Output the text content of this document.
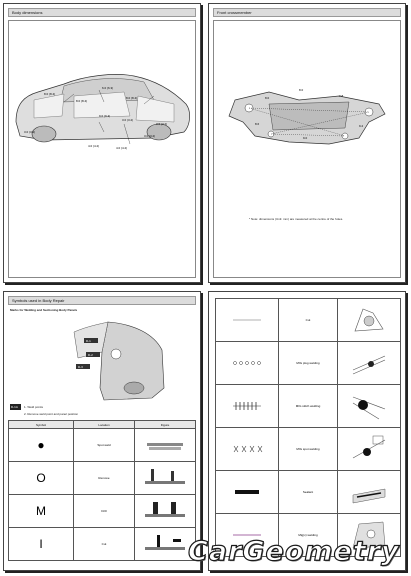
Body dimensions
8.0 (8.4)
8.0 (8.4)
6.0 (6.3)
8.0 (8.4)
9.0 (9.4)
3.0 (3.2)
3.0 (3.2)
3.0 (3.2)
4.0 (4.2)
3.0 (3.2)
4.0 (4.2)
Front crossmember
8.0
8.0	7.8
8.6	9.2
9.0
* Note: dimensions (Unit: mm) are measured at the centre of the holes.
Symbols used in Body Repair
Marks for Welding and Sectioning Body Panels
D-1
D-2
D-3
D-1A 1. Weld points
2. Remove weld point and panel position
Symbol	Location	Figure
●	Spot weld	
O	Remove	
M	Drill	
I	Cut	
	Cut	
	MIG plug welding	
	MIG stitch welding	
	MIG spot welding	
	Sealant	
	Mig(x) welding	
CarGeometry
